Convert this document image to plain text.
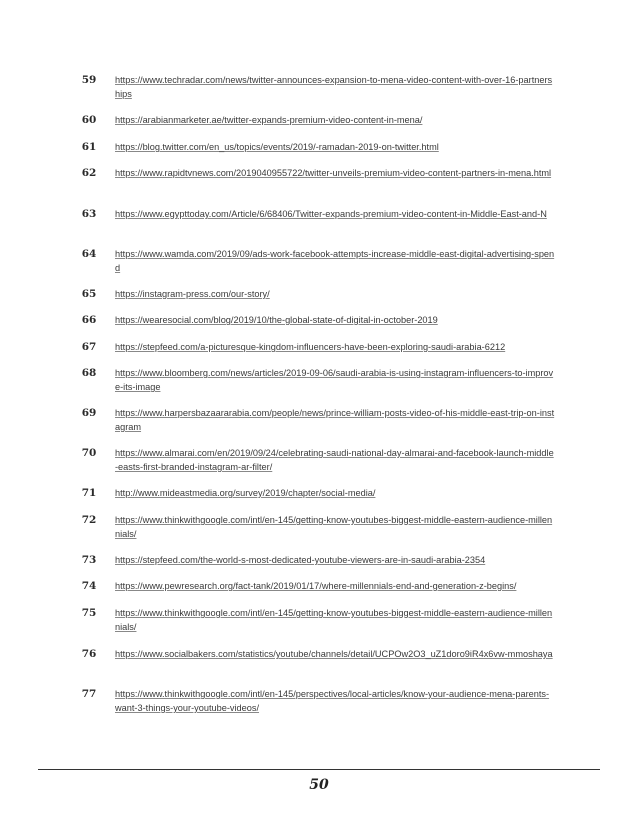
59	https://www.techradar.com/news/twitter-announces-expansion-to-mena-video-content-with-over-16-partnerships
60	https://arabianmarketer.ae/twitter-expands-premium-video-content-in-mena/
61	https://blog.twitter.com/en_us/topics/events/2019/-ramadan-2019-on-twitter.html
62	https://www.rapidtvnews.com/2019040955722/twitter-unveils-premium-video-content-partners-in-mena.html
63	https://www.egypttoday.com/Article/6/68406/Twitter-expands-premium-video-content-in-Middle-East-and-N
64	https://www.wamda.com/2019/09/ads-work-facebook-attempts-increase-middle-east-digital-advertising-spend
65	https://instagram-press.com/our-story/
66	https://wearesocial.com/blog/2019/10/the-global-state-of-digital-in-october-2019
67	https://stepfeed.com/a-picturesque-kingdom-influencers-have-been-exploring-saudi-arabia-6212
68	https://www.bloomberg.com/news/articles/2019-09-06/saudi-arabia-is-using-instagram-influencers-to-improve-its-image
69	https://www.harpersbazaararabia.com/people/news/prince-william-posts-video-of-his-middle-east-trip-on-instagram
70	https://www.almarai.com/en/2019/09/24/celebrating-saudi-national-day-almarai-and-facebook-launch-middle-easts-first-branded-instagram-ar-filter/
71	http://www.mideastmedia.org/survey/2019/chapter/social-media/
72	https://www.thinkwithgoogle.com/intl/en-145/getting-know-youtubes-biggest-middle-eastern-audience-millennials/
73	https://stepfeed.com/the-world-s-most-dedicated-youtube-viewers-are-in-saudi-arabia-2354
74	https://www.pewresearch.org/fact-tank/2019/01/17/where-millennials-end-and-generation-z-begins/
75	https://www.thinkwithgoogle.com/intl/en-145/getting-know-youtubes-biggest-middle-eastern-audience-millennials/
76	https://www.socialbakers.com/statistics/youtube/channels/detail/UCPOw2O3_uZ1doro9iR4x6vw-mmoshaya
77	https://www.thinkwithgoogle.com/intl/en-145/perspectives/local-articles/know-your-audience-mena-parents-want-3-things-your-youtube-videos/
50
